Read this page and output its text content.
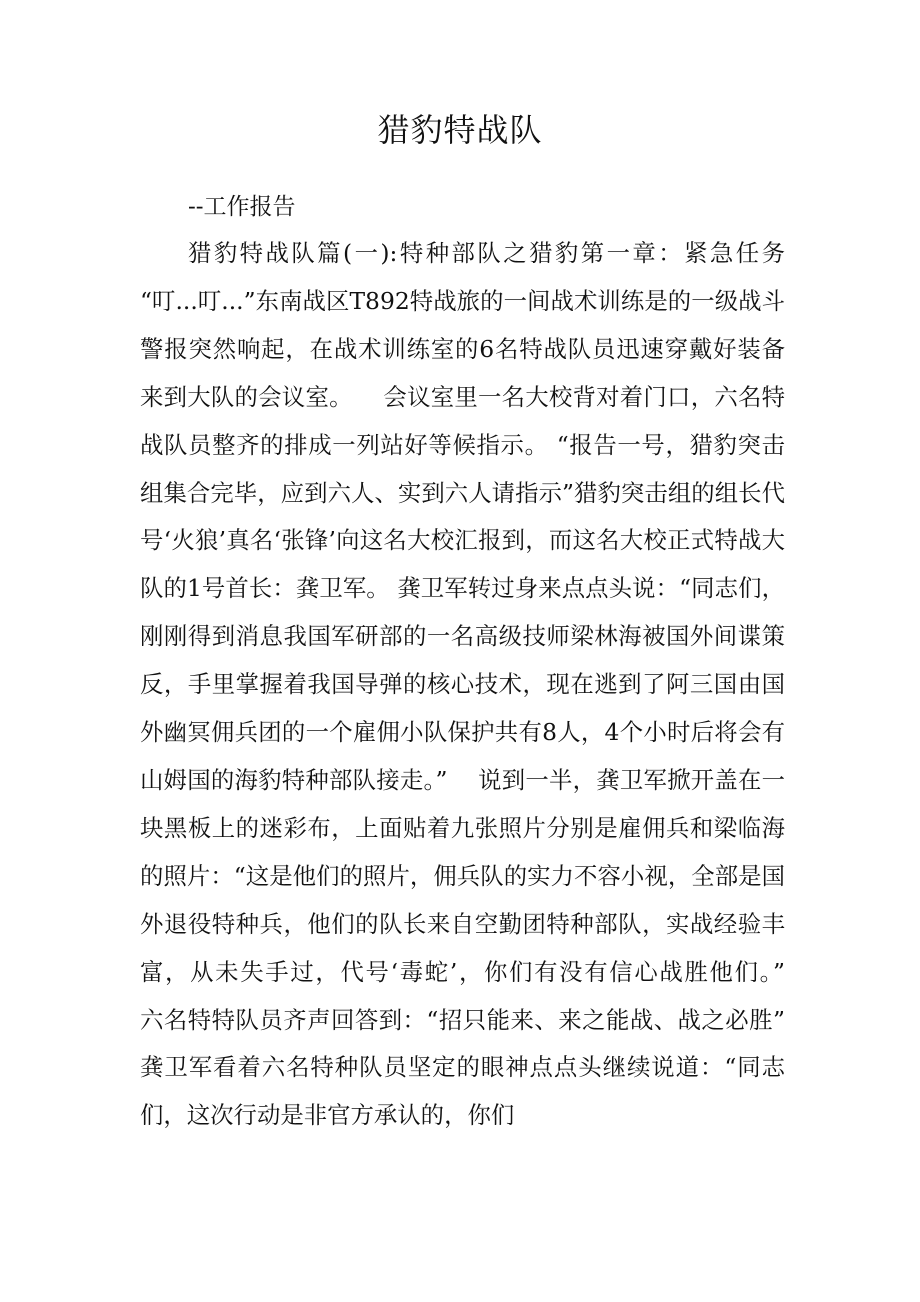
猎豹特战队
--工作报告

猎豹特战队篇(一):特种部队之猎豹第一章：紧急任务 “叮...叮...”东南战区T892特战旅的一间战术训练是的一级战斗警报突然响起，在战术训练室的6名特战队员迅速穿戴好装备来到大队的会议室。    会议室里一名大校背对着门口，六名特战队员整齐的排成一列站好等候指示。 “报告一号，猎豹突击组集合完毕，应到六人、实到六人请指示”猎豹突击组的组长代号‘火狼’真名‘张锋’向这名大校汇报到，而这名大校正式特战大队的1号首长：龚卫军。 龚卫军转过身来点点头说：“同志们，刚刚得到消息我国军研部的一名高级技师梁林海被国外间谍策反，手里掌握着我国导弹的核心技术，现在逃到了阿三国由国外幽冥佣兵团的一个雇佣小队保护共有8人，4个小时后将会有山姆国的海豹特种部队接走。”    说到一半，龚卫军掀开盖在一块黑板上的迷彩布，上面贴着九张照片分别是雇佣兵和梁临海的照片：“这是他们的照片，佣兵队的实力不容小视，全部是国外退役特种兵，他们的队长来自空勤团特种部队，实战经验丰富，从未失手过，代号‘毒蛇’，你们有没有信心战胜他们。”    六名特特队员齐声回答到：“招只能来、来之能战、战之必胜”    龚卫军看着六名特种队员坚定的眼神点点头继续说道：“同志们，这次行动是非官方承认的，你们
